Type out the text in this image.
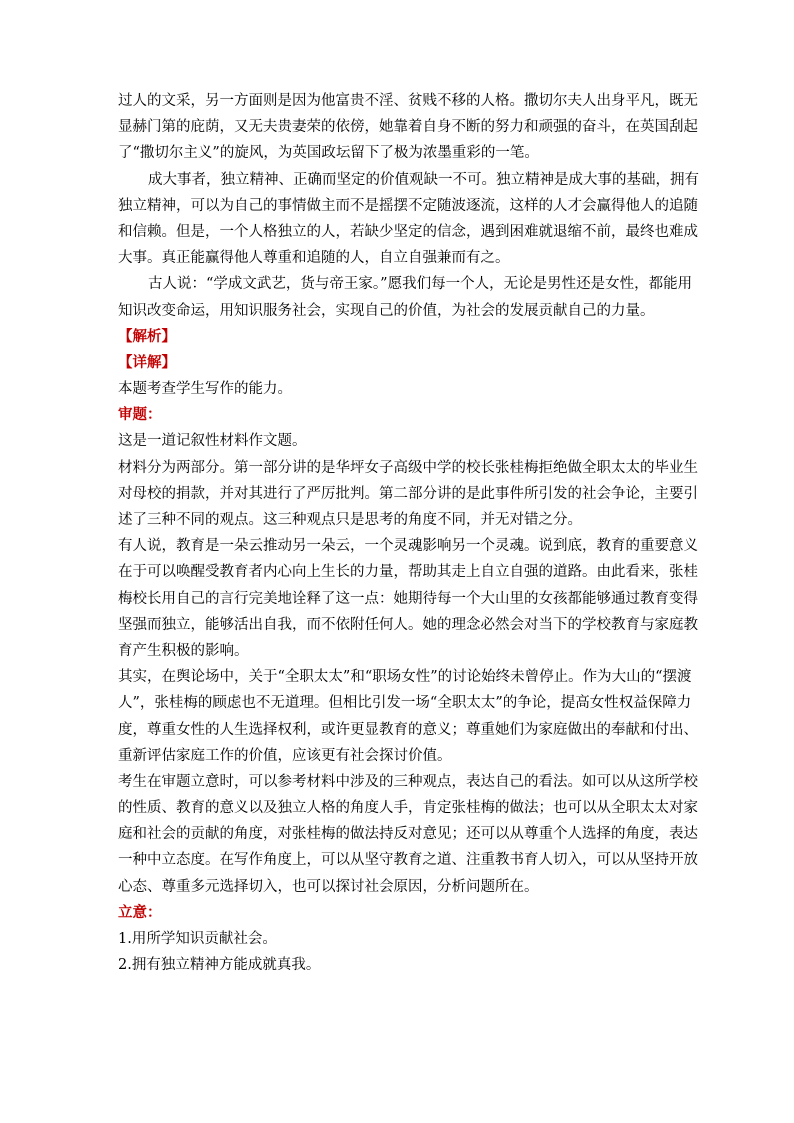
过人的文采，另一方面则是因为他富贵不淫、贫贱不移的人格。撒切尔夫人出身平凡，既无
显赫门第的庇荫，又无夫贵妻荣的依傍，她靠着自身不断的努力和顽强的奋斗，在英国刮起
了“撒切尔主义”的旋风，为英国政坛留下了极为浓墨重彩的一笔。
成大事者，独立精神、正确而坚定的价值观缺一不可。独立精神是成大事的基础，拥有
独立精神，可以为自己的事情做主而不是摇摆不定随波逐流，这样的人才会赢得他人的追随
和信赖。但是，一个人格独立的人，若缺少坚定的信念，遇到困难就退缩不前，最终也难成
大事。真正能赢得他人尊重和追随的人，自立自强兼而有之。
古人说：“学成文武艺，货与帝王家。”愿我们每一个人，无论是男性还是女性，都能用
知识改变命运，用知识服务社会，实现自己的价值，为社会的发展贡献自己的力量。
【解析】
【详解】
本题考查学生写作的能力。
审题：
这是一道记叙性材料作文题。
材料分为两部分。第一部分讲的是华坪女子高级中学的校长张桂梅拒绝做全职太太的毕业生
对母校的捐款，并对其进行了严厉批判。第二部分讲的是此事件所引发的社会争论，主要引
述了三种不同的观点。这三种观点只是思考的角度不同，并无对错之分。
有人说，教育是一朵云推动另一朵云，一个灵魂影响另一个灵魂。说到底，教育的重要意义
在于可以唤醒受教育者内心向上生长的力量，帮助其走上自立自强的道路。由此看来，张桂
梅校长用自己的言行完美地诠释了这一点：她期待每一个大山里的女孩都能够通过教育变得
坚强而独立，能够活出自我，而不依附任何人。她的理念必然会对当下的学校教育与家庭教
育产生积极的影响。
其实，在舆论场中，关于“全职太太”和“职场女性”的讨论始终未曾停止。作为大山的“摆渡
人”，张桂梅的顾虑也不无道理。但相比引发一场“全职太太”的争论，提高女性权益保障力
度，尊重女性的人生选择权利，或许更显教育的意义；尊重她们为家庭做出的奉献和付出、
重新评估家庭工作的价值，应该更有社会探讨价值。
考生在审题立意时，可以参考材料中涉及的三种观点，表达自己的看法。如可以从这所学校
的性质、教育的意义以及独立人格的角度人手，肯定张桂梅的做法；也可以从全职太太对家
庭和社会的贡献的角度，对张桂梅的做法持反对意见；还可以从尊重个人选择的角度，表达
一种中立态度。在写作角度上，可以从坚守教育之道、注重教书育人切入，可以从坚持开放
心态、尊重多元选择切入，也可以探讨社会原因，分析问题所在。
立意：
1.用所学知识贡献社会。
2.拥有独立精神方能成就真我。
